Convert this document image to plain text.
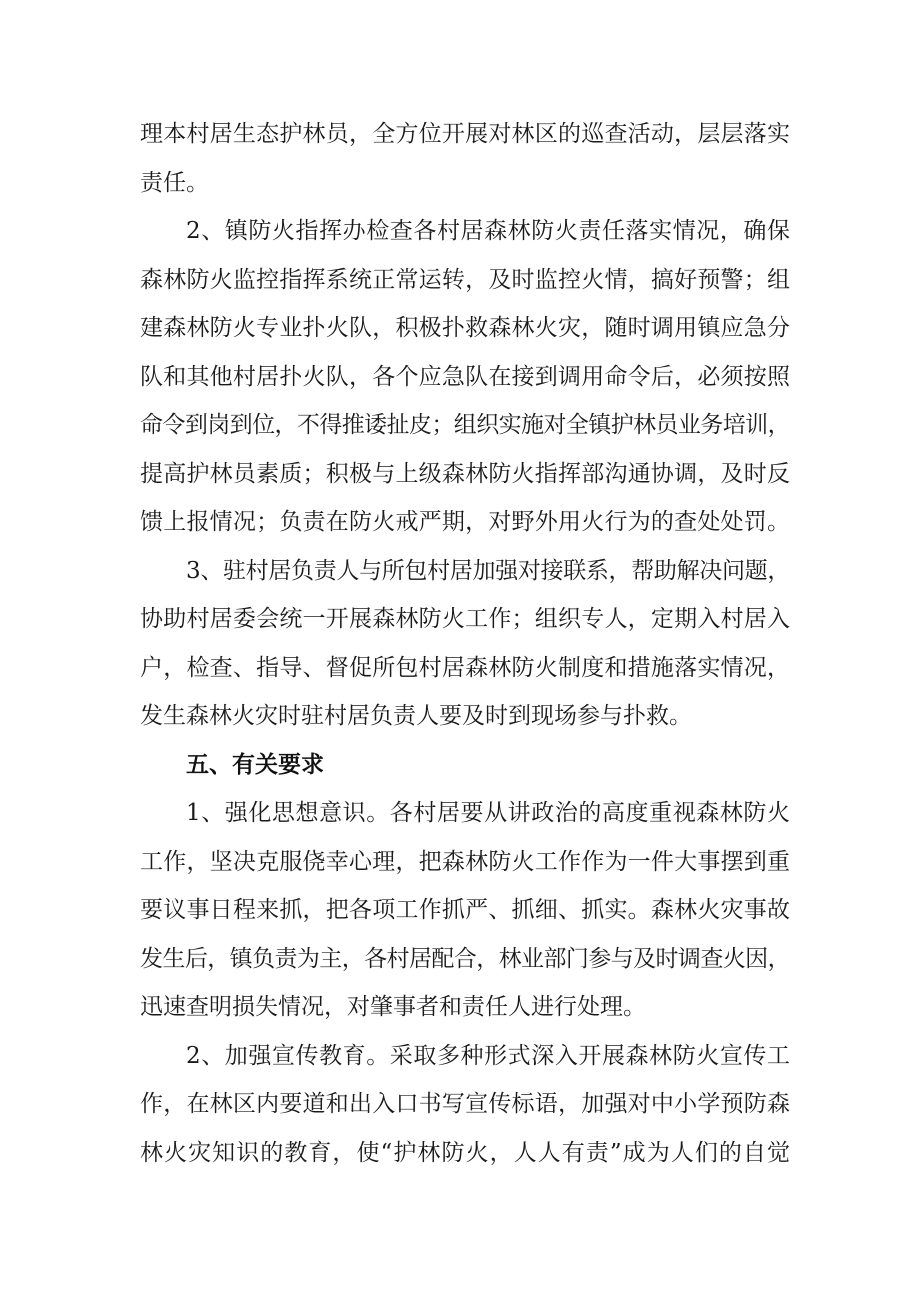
理本村居生态护林员，全方位开展对林区的巡查活动，层层落实

责任。

2、镇防火指挥办检查各村居森林防火责任落实情况，确保

森林防火监控指挥系统正常运转，及时监控火情，搞好预警；组

建森林防火专业扑火队，积极扑救森林火灾，随时调用镇应急分

队和其他村居扑火队，各个应急队在接到调用命令后，必须按照

命令到岗到位，不得推诿扯皮；组织实施对全镇护林员业务培训，

提高护林员素质；积极与上级森林防火指挥部沟通协调，及时反

馈上报情况；负责在防火戒严期，对野外用火行为的查处处罚。

3、驻村居负责人与所包村居加强对接联系，帮助解决问题，

协助村居委会统一开展森林防火工作；组织专人，定期入村居入

户，检查、指导、督促所包村居森林防火制度和措施落实情况，

发生森林火灾时驻村居负责人要及时到现场参与扑救。

五、有关要求

1、强化思想意识。各村居要从讲政治的高度重视森林防火

工作，坚决克服侥幸心理，把森林防火工作作为一件大事摆到重

要议事日程来抓，把各项工作抓严、抓细、抓实。森林火灾事故

发生后，镇负责为主，各村居配合，林业部门参与及时调查火因，

迅速查明损失情况，对肇事者和责任人进行处理。

2、加强宣传教育。采取多种形式深入开展森林防火宣传工

作，在林区内要道和出入口书写宣传标语，加强对中小学预防森

林火灾知识的教育，使“护林防火，人人有责”成为人们的自觉
